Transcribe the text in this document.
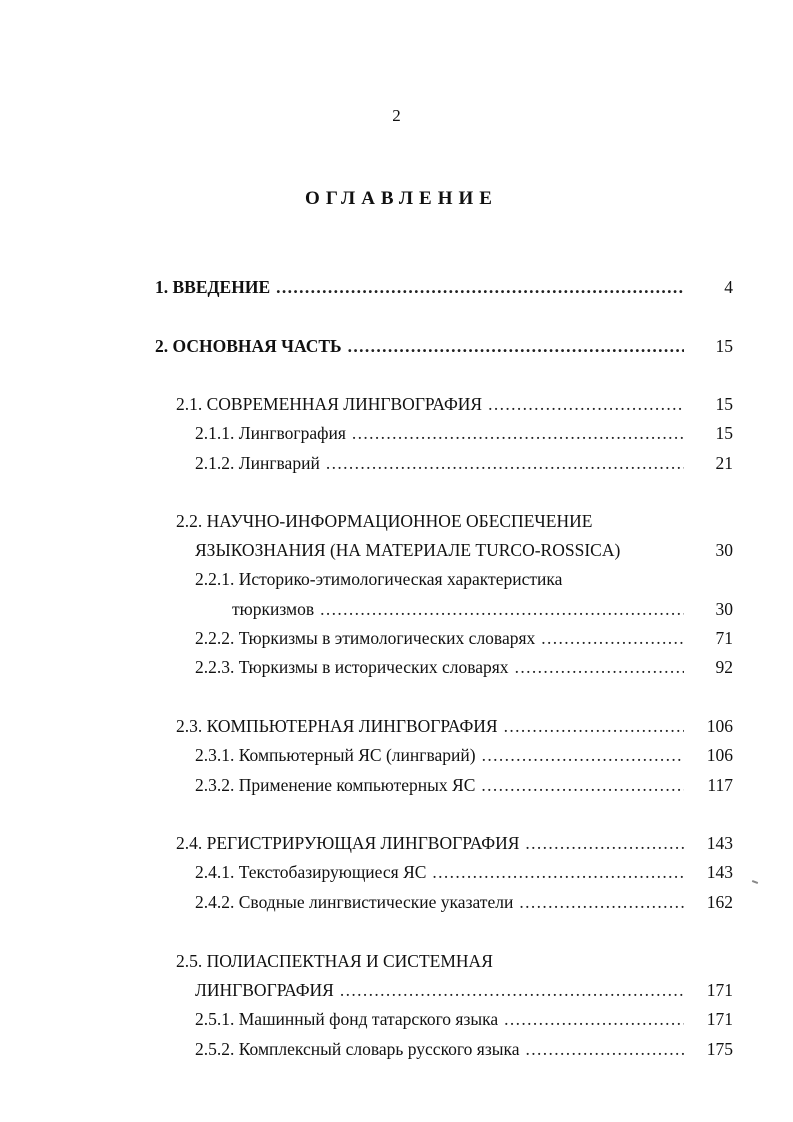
2
ОГЛАВЛЕНИЕ
1. ВВЕДЕНИЕ . . .	4
2. ОСНОВНАЯ ЧАСТЬ . . .	15
2.1. СОВРЕМЕННАЯ ЛИНГВОГРАФИЯ . . .	15
2.1.1. Лингвография . . .	15
2.1.2. Лингварий . . .	21
2.2. НАУЧНО-ИНФОРМАЦИОННОЕ ОБЕСПЕЧЕНИЕ
ЯЗЫКОЗНАНИЯ (НА МАТЕРИАЛЕ TURCO-ROSSICA)	30
2.2.1. Историко-этимологическая характеристика
тюркизмов . . .	30
2.2.2. Тюркизмы в этимологических словарях . . .	71
2.2.3. Тюркизмы в исторических словарях . . .	92
2.3. КОМПЬЮТЕРНАЯ ЛИНГВОГРАФИЯ . . .	106
2.3.1. Компьютерный ЯС (лингварий) . . .	106
2.3.2. Применение компьютерных ЯС . . .	117
2.4. РЕГИСТРИРУЮЩАЯ ЛИНГВОГРАФИЯ . . .	143
2.4.1. Текстобазирующиеся ЯС . . .	143
2.4.2. Сводные лингвистические указатели . . .	162
2.5. ПОЛИАСПЕКТНАЯ И СИСТЕМНАЯ
ЛИНГВОГРАФИЯ . . .	171
2.5.1. Машинный фонд татарского языка . . .	171
2.5.2. Комплексный словарь русского языка . . .	175
